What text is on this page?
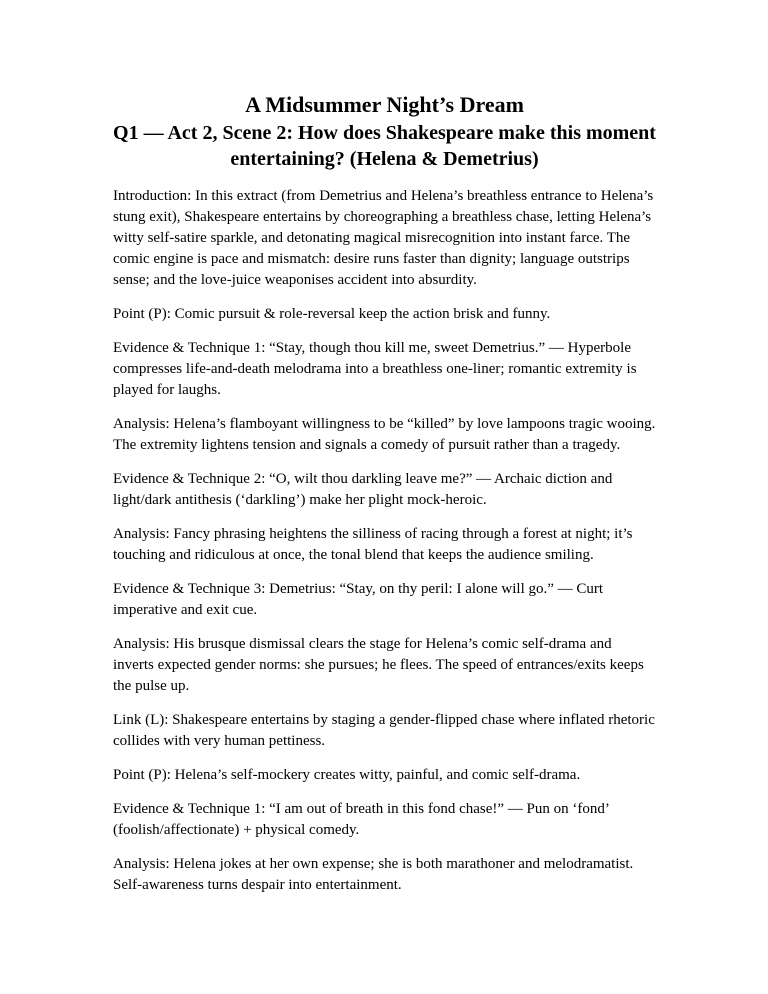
A Midsummer Night’s Dream
Q1 — Act 2, Scene 2: How does Shakespeare make this moment entertaining? (Helena & Demetrius)

Introduction: In this extract (from Demetrius and Helena’s breathless entrance to Helena’s stung exit), Shakespeare entertains by choreographing a breathless chase, letting Helena’s witty self-satire sparkle, and detonating magical misrecognition into instant farce. The comic engine is pace and mismatch: desire runs faster than dignity; language outstrips sense; and the love-juice weaponises accident into absurdity.

Point (P): Comic pursuit & role-reversal keep the action brisk and funny.

Evidence & Technique 1: “Stay, though thou kill me, sweet Demetrius.” — Hyperbole compresses life‑and‑death melodrama into a breathless one‑liner; romantic extremity is played for laughs.

Analysis: Helena’s flamboyant willingness to be “killed” by love lampoons tragic wooing. The extremity lightens tension and signals a comedy of pursuit rather than a tragedy.

Evidence & Technique 2: “O, wilt thou darkling leave me?” — Archaic diction and light/dark antithesis (‘darkling’) make her plight mock‑heroic.

Analysis: Fancy phrasing heightens the silliness of racing through a forest at night; it’s touching and ridiculous at once, the tonal blend that keeps the audience smiling.

Evidence & Technique 3: Demetrius: “Stay, on thy peril: I alone will go.” — Curt imperative and exit cue.

Analysis: His brusque dismissal clears the stage for Helena’s comic self‑drama and inverts expected gender norms: she pursues; he flees. The speed of entrances/exits keeps the pulse up.

Link (L): Shakespeare entertains by staging a gender‑flipped chase where inflated rhetoric collides with very human pettiness.

Point (P): Helena’s self‑mockery creates witty, painful, and comic self‑drama.

Evidence & Technique 1: “I am out of breath in this fond chase!” — Pun on ‘fond’ (foolish/affectionate) + physical comedy.

Analysis: Helena jokes at her own expense; she is both marathoner and melodramatist. Self‑awareness turns despair into entertainment.
